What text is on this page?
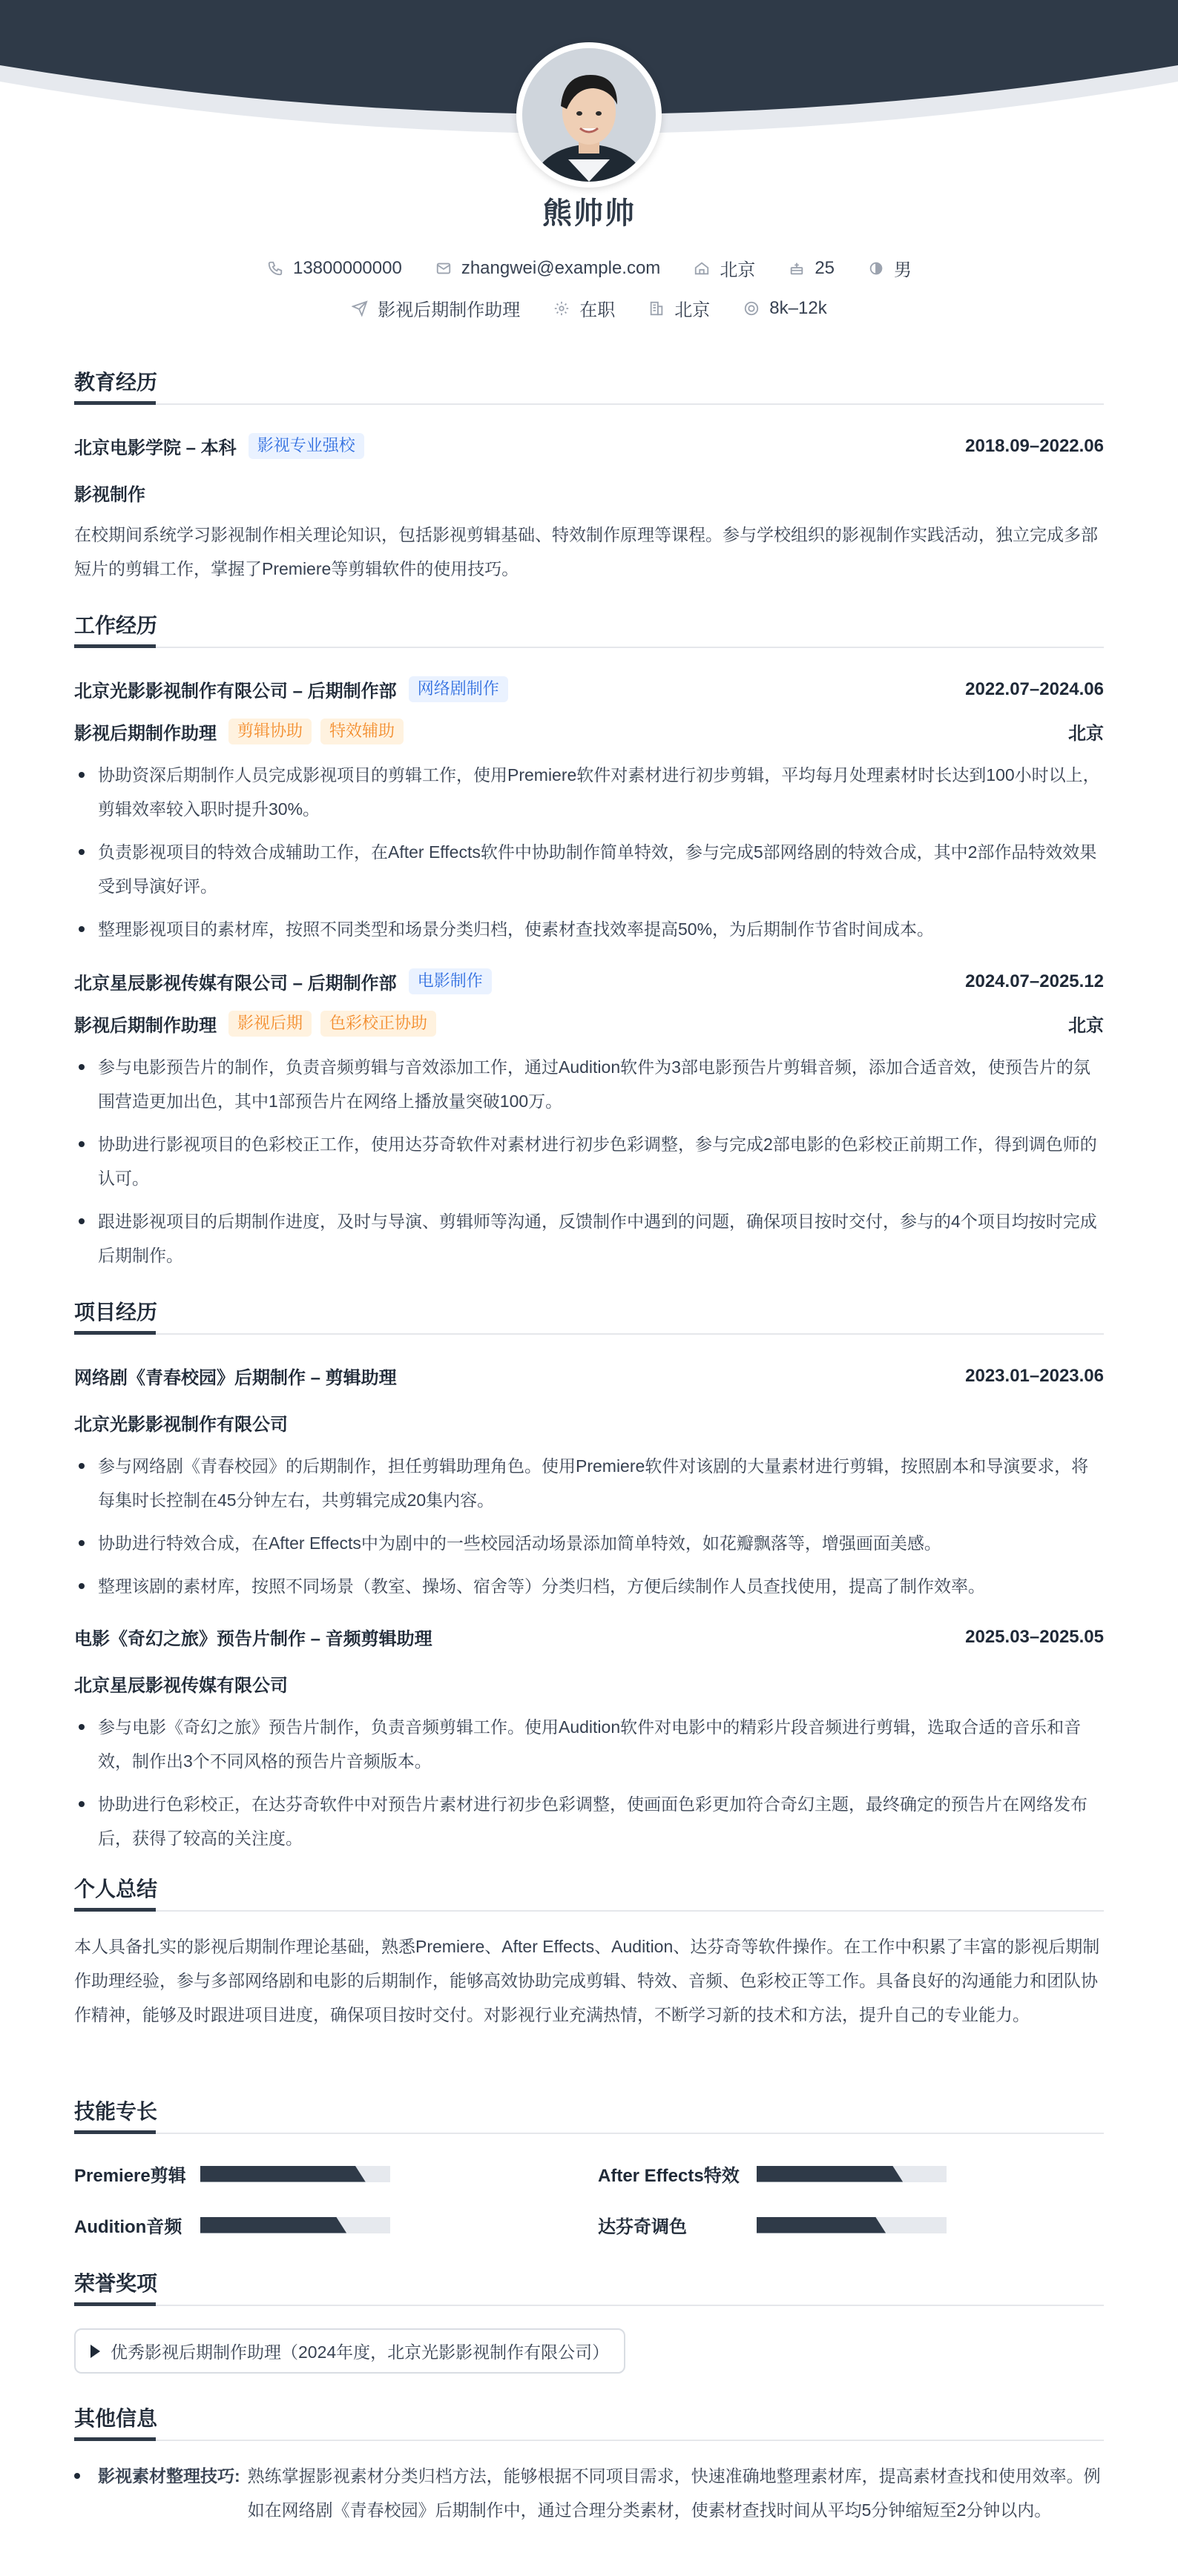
熊帅帅
13800000000	zhangwei@example.com	北京	25	男
影视后期制作助理	在职	北京	8k–12k
教育经历
北京电影学院 – 本科	影视专业强校	2018.09–2022.06
影视制作
在校期间系统学习影视制作相关理论知识，包括影视剪辑基础、特效制作原理等课程。参与学校组织的影视制作实践活动，独立完成多部短片的剪辑工作，掌握了Premiere等剪辑软件的使用技巧。
工作经历
北京光影影视制作有限公司 – 后期制作部	网络剧制作	2022.07–2024.06
影视后期制作助理	剪辑协助	特效辅助	北京
协助资深后期制作人员完成影视项目的剪辑工作，使用Premiere软件对素材进行初步剪辑，平均每月处理素材时长达到100小时以上，剪辑效率较入职时提升30%。
负责影视项目的特效合成辅助工作，在After Effects软件中协助制作简单特效，参与完成5部网络剧的特效合成，其中2部作品特效效果受到导演好评。
整理影视项目的素材库，按照不同类型和场景分类归档，使素材查找效率提高50%，为后期制作节省时间成本。
北京星辰影视传媒有限公司 – 后期制作部	电影制作	2024.07–2025.12
影视后期制作助理	影视后期	色彩校正协助	北京
参与电影预告片的制作，负责音频剪辑与音效添加工作，通过Audition软件为3部电影预告片剪辑音频，添加合适音效，使预告片的氛围营造更加出色，其中1部预告片在网络上播放量突破100万。
协助进行影视项目的色彩校正工作，使用达芬奇软件对素材进行初步色彩调整，参与完成2部电影的色彩校正前期工作，得到调色师的认可。
跟进影视项目的后期制作进度，及时与导演、剪辑师等沟通，反馈制作中遇到的问题，确保项目按时交付，参与的4个项目均按时完成后期制作。
项目经历
网络剧《青春校园》后期制作 – 剪辑助理	2023.01–2023.06
北京光影影视制作有限公司
参与网络剧《青春校园》的后期制作，担任剪辑助理角色。使用Premiere软件对该剧的大量素材进行剪辑，按照剧本和导演要求，将每集时长控制在45分钟左右，共剪辑完成20集内容。
协助进行特效合成，在After Effects中为剧中的一些校园活动场景添加简单特效，如花瓣飘落等，增强画面美感。
整理该剧的素材库，按照不同场景（教室、操场、宿舍等）分类归档，方便后续制作人员查找使用，提高了制作效率。
电影《奇幻之旅》预告片制作 – 音频剪辑助理	2025.03–2025.05
北京星辰影视传媒有限公司
参与电影《奇幻之旅》预告片制作，负责音频剪辑工作。使用Audition软件对电影中的精彩片段音频进行剪辑，选取合适的音乐和音效，制作出3个不同风格的预告片音频版本。
协助进行色彩校正，在达芬奇软件中对预告片素材进行初步色彩调整，使画面色彩更加符合奇幻主题，最终确定的预告片在网络发布后，获得了较高的关注度。
个人总结
本人具备扎实的影视后期制作理论基础，熟悉Premiere、After Effects、Audition、达芬奇等软件操作。在工作中积累了丰富的影视后期制作助理经验，参与多部网络剧和电影的后期制作，能够高效协助完成剪辑、特效、音频、色彩校正等工作。具备良好的沟通能力和团队协作精神，能够及时跟进项目进度，确保项目按时交付。对影视行业充满热情，不断学习新的技术和方法，提升自己的专业能力。
技能专长
Premiere剪辑	After Effects特效
Audition音频	达芬奇调色
荣誉奖项
优秀影视后期制作助理（2024年度，北京光影影视制作有限公司）
其他信息
影视素材整理技巧: 熟练掌握影视素材分类归档方法，能够根据不同项目需求，快速准确地整理素材库，提高素材查找和使用效率。例如在网络剧《青春校园》后期制作中，通过合理分类素材，使素材查找时间从平均5分钟缩短至2分钟以内。
